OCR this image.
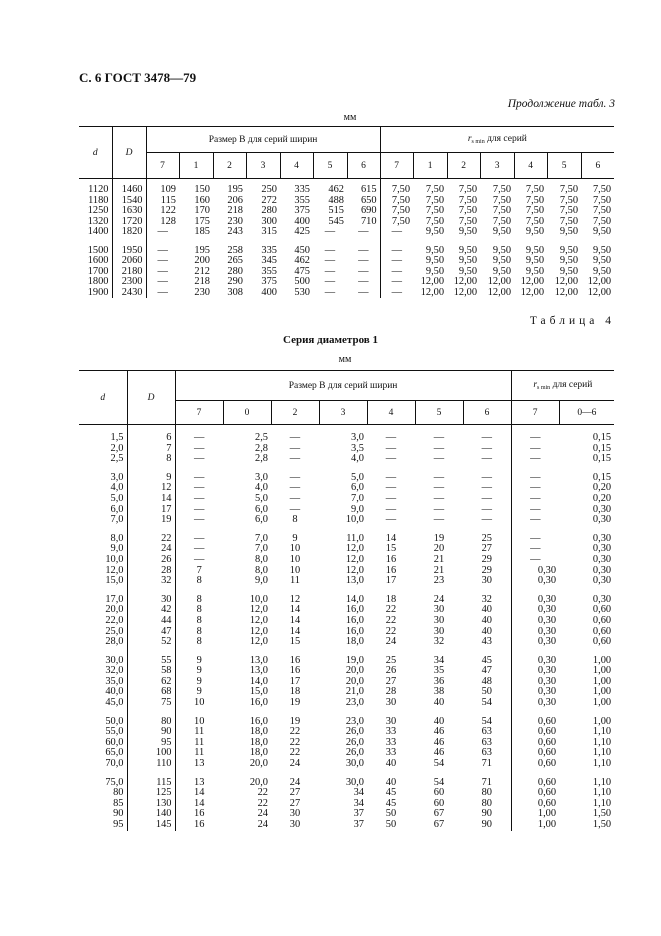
С. 6 ГОСТ 3478—79
Продолжение табл. 3
мм
d	D	Размер B для серий ширин							$r_{s min}$ для серий						
		7	1	2	3	4	5	6	7	1	2	3	4	5	6
1120	1460	109	150	195	250	335	462	615	7,50	7,50	7,50	7,50	7,50	7,50	7,50
1180	1540	115	160	206	272	355	488	650	7,50	7,50	7,50	7,50	7,50	7,50	7,50
1250	1630	122	170	218	280	375	515	690	7,50	7,50	7,50	7,50	7,50	7,50	7,50
1320	1720	128	175	230	300	400	545	710	7,50	7,50	7,50	7,50	7,50	7,50	7,50
1400	1820	—	185	243	315	425	—	—	—	9,50	9,50	9,50	9,50	9,50	9,50

1500	1950	—	195	258	335	450	—	—	—	9,50	9,50	9,50	9,50	9,50	9,50
1600	2060	—	200	265	345	462	—	—	—	9,50	9,50	9,50	9,50	9,50	9,50
1700	2180	—	212	280	355	475	—	—	—	9,50	9,50	9,50	9,50	9,50	9,50
1800	2300	—	218	290	375	500	—	—	—	12,00	12,00	12,00	12,00	12,00	12,00
1900	2430	—	230	308	400	530	—	—	—	12,00	12,00	12,00	12,00	12,00	12,00
Таблица 4
Серия диаметров 1
мм
d	D	Размер B для серий ширин							$r_{s min}$ для серий	
		7	0	2	3	4	5	6	7	0—6
1,5	6	—	2,5	—	3,0	—	—	—	—	0,15
2,0	7	—	2,8	—	3,5	—	—	—	—	0,15
2,5	8	—	2,8	—	4,0	—	—	—	—	0,15

3,0	9	—	3,0	—	5,0	—	—	—	—	0,15
4,0	12	—	4,0	—	6,0	—	—	—	—	0,20
5,0	14	—	5,0	—	7,0	—	—	—	—	0,20
6,0	17	—	6,0	—	9,0	—	—	—	—	0,30
7,0	19	—	6,0	8	10,0	—	—	—	—	0,30

8,0	22	—	7,0	9	11,0	14	19	25	—	0,30
9,0	24	—	7,0	10	12,0	15	20	27	—	0,30
10,0	26	—	8,0	10	12,0	16	21	29	—	0,30
12,0	28	7	8,0	10	12,0	16	21	29	0,30	0,30
15,0	32	8	9,0	11	13,0	17	23	30	0,30	0,30

17,0	30	8	10,0	12	14,0	18	24	32	0,30	0,30
20,0	42	8	12,0	14	16,0	22	30	40	0,30	0,60
22,0	44	8	12,0	14	16,0	22	30	40	0,30	0,60
25,0	47	8	12,0	14	16,0	22	30	40	0,30	0,60
28,0	52	8	12,0	15	18,0	24	32	43	0,30	0,60

30,0	55	9	13,0	16	19,0	25	34	45	0,30	1,00
32,0	58	9	13,0	16	20,0	26	35	47	0,30	1,00
35,0	62	9	14,0	17	20,0	27	36	48	0,30	1,00
40,0	68	9	15,0	18	21,0	28	38	50	0,30	1,00
45,0	75	10	16,0	19	23,0	30	40	54	0,30	1,00

50,0	80	10	16,0	19	23,0	30	40	54	0,60	1,00
55,0	90	11	18,0	22	26,0	33	46	63	0,60	1,10
60,0	95	11	18,0	22	26,0	33	46	63	0,60	1,10
65,0	100	11	18,0	22	26,0	33	46	63	0,60	1,10
70,0	110	13	20,0	24	30,0	40	54	71	0,60	1,10

75,0	115	13	20,0	24	30,0	40	54	71	0,60	1,10
80	125	14	22	27	34	45	60	80	0,60	1,10
85	130	14	22	27	34	45	60	80	0,60	1,10
90	140	16	24	30	37	50	67	90	1,00	1,50
95	145	16	24	30	37	50	67	90	1,00	1,50
